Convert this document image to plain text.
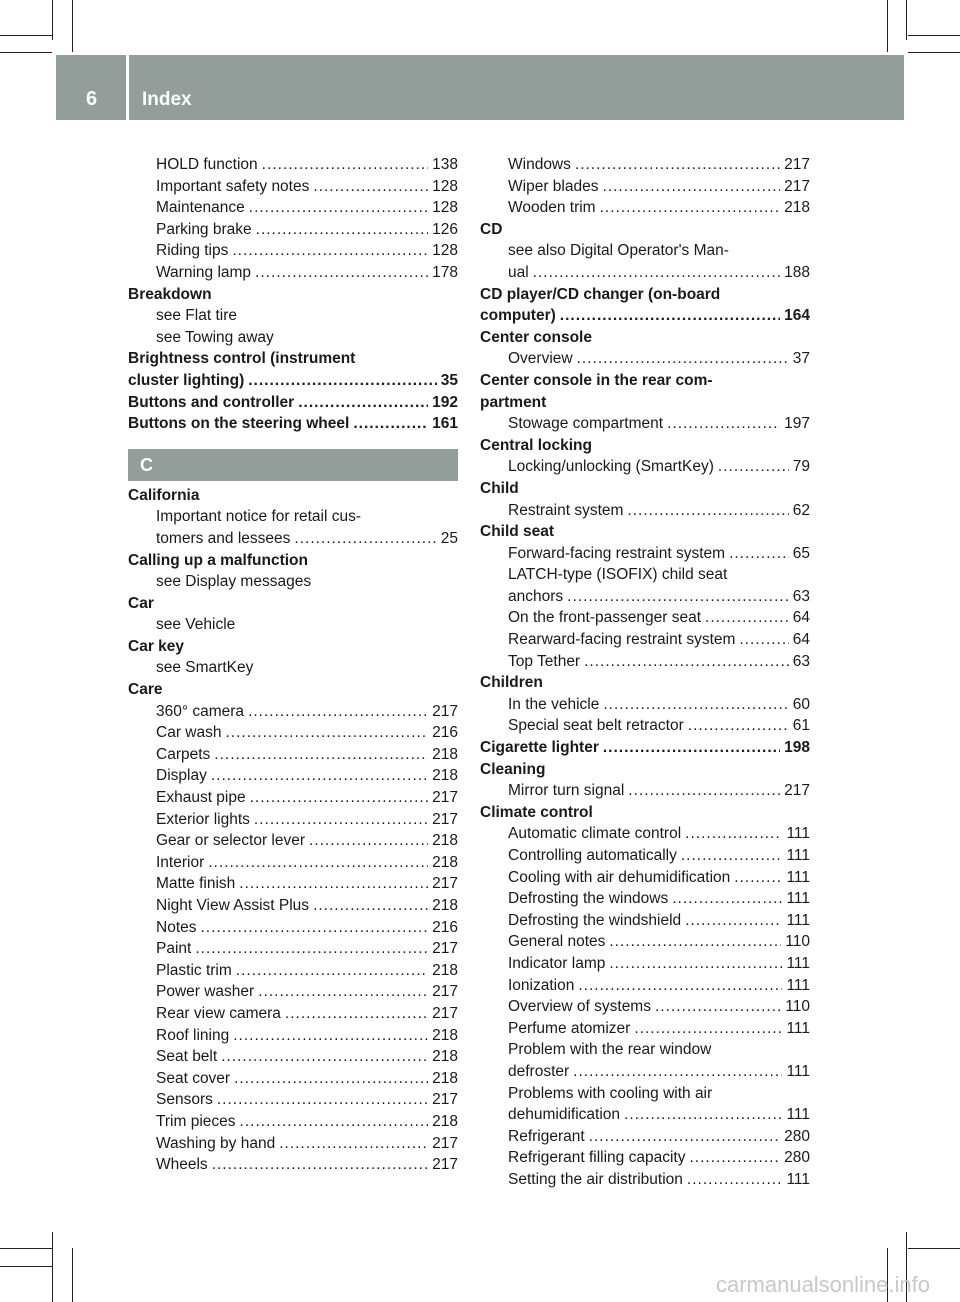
6 Index
HOLD function .....	138
Important safety notes .....	128
Maintenance .....	128
Parking brake .....	126
Riding tips .....	128
Warning lamp .....	178
Breakdown
see Flat tire
see Towing away
Brightness control (instrument
cluster lighting) .....	35
Buttons and controller .....	192
Buttons on the steering wheel .....	161
C
California
Important notice for retail cus-
tomers and lessees .....	25
Calling up a malfunction
see Display messages
Car
see Vehicle
Car key
see SmartKey
Care
360° camera .....	217
Car wash .....	216
Carpets .....	218
Display .....	218
Exhaust pipe .....	217
Exterior lights .....	217
Gear or selector lever .....	218
Interior .....	218
Matte finish .....	217
Night View Assist Plus .....	218
Notes .....	216
Paint .....	217
Plastic trim .....	218
Power washer .....	217
Rear view camera .....	217
Roof lining .....	218
Seat belt .....	218
Seat cover .....	218
Sensors .....	217
Trim pieces .....	218
Washing by hand .....	217
Wheels .....	217
Windows .....	217
Wiper blades .....	217
Wooden trim .....	218
CD
see also Digital Operator's Man-
ual .....	188
CD player/CD changer (on-board
computer) .....	164
Center console
Overview .....	37
Center console in the rear com-
partment
Stowage compartment .....	197
Central locking
Locking/unlocking (SmartKey) .....	79
Child
Restraint system .....	62
Child seat
Forward-facing restraint system .....	65
LATCH-type (ISOFIX) child seat
anchors .....	63
On the front-passenger seat .....	64
Rearward-facing restraint system .....	64
Top Tether .....	63
Children
In the vehicle .....	60
Special seat belt retractor .....	61
Cigarette lighter .....	198
Cleaning
Mirror turn signal .....	217
Climate control
Automatic climate control .....	111
Controlling automatically .....	111
Cooling with air dehumidification .....	111
Defrosting the windows .....	111
Defrosting the windshield .....	111
General notes .....	110
Indicator lamp .....	111
Ionization .....	111
Overview of systems .....	110
Perfume atomizer .....	111
Problem with the rear window
defroster .....	111
Problems with cooling with air
dehumidification .....	111
Refrigerant .....	280
Refrigerant filling capacity .....	280
Setting the air distribution .....	111
carmanualsonline.info
